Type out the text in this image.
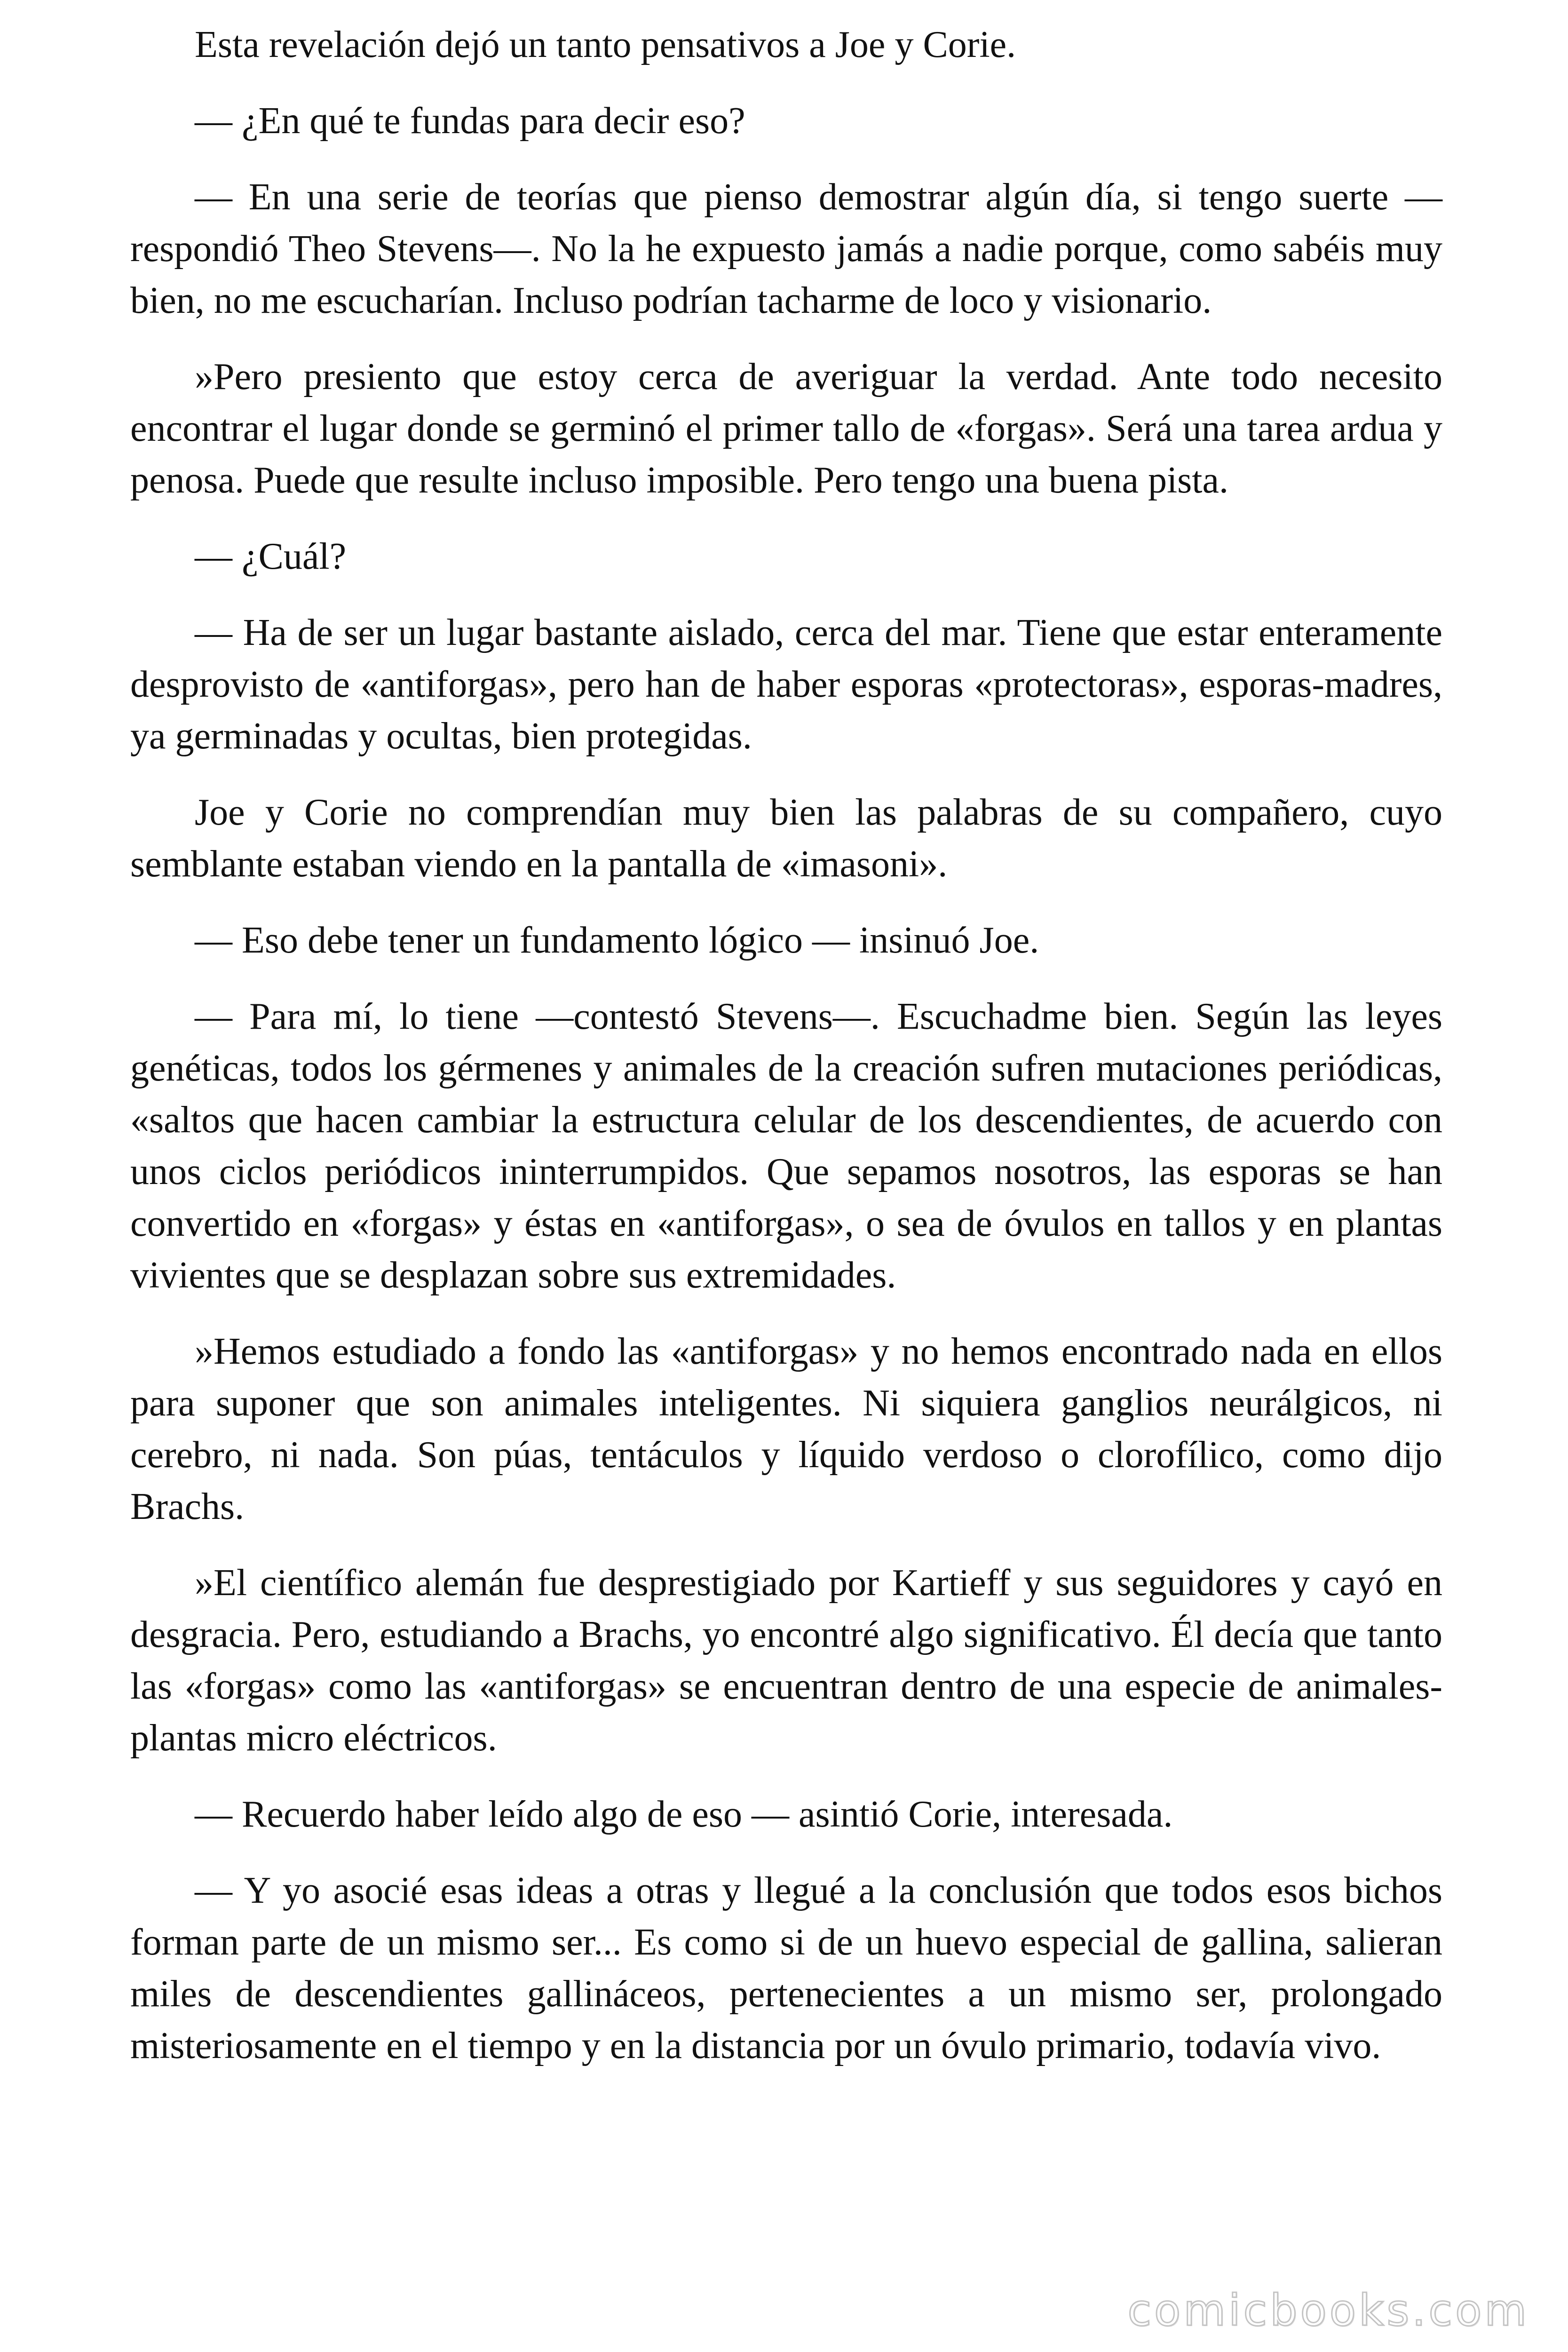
Esta revelación dejó un tanto pensativos a Joe y Corie.

— ¿En qué te fundas para decir eso?

— En una serie de teorías que pienso demostrar algún día, si tengo suerte —respondió Theo Stevens—. No la he expuesto jamás a nadie porque, como sabéis muy bien, no me escucharían. Incluso podrían tacharme de loco y visionario.

»Pero presiento que estoy cerca de averiguar la verdad. Ante todo necesito encontrar el lugar donde se germinó el primer tallo de «forgas». Será una tarea ardua y penosa. Puede que resulte incluso imposible. Pero tengo una buena pista.

— ¿Cuál?

— Ha de ser un lugar bastante aislado, cerca del mar. Tiene que estar enteramente desprovisto de «antiforgas», pero han de haber esporas «protectoras», esporas-madres, ya germinadas y ocultas, bien protegidas.

Joe y Corie no comprendían muy bien las palabras de su compañero, cuyo semblante estaban viendo en la pantalla de «imasoni».

— Eso debe tener un fundamento lógico — insinuó Joe.

— Para mí, lo tiene —contestó Stevens—. Escuchadme bien. Según las leyes genéticas, todos los gérmenes y animales de la creación sufren mutaciones periódicas, «saltos que hacen cambiar la estructura celular de los descendientes, de acuerdo con unos ciclos periódicos ininterrumpidos. Que sepamos nosotros, las esporas se han convertido en «forgas» y éstas en «antiforgas», o sea de óvulos en tallos y en plantas vivientes que se desplazan sobre sus extremidades.

»Hemos estudiado a fondo las «antiforgas» y no hemos encontrado nada en ellos para suponer que son animales inteligentes. Ni siquiera ganglios neurálgicos, ni cerebro, ni nada. Son púas, tentáculos y líquido verdoso o clorofílico, como dijo Brachs.

»El científico alemán fue desprestigiado por Kartieff y sus seguidores y cayó en desgracia. Pero, estudiando a Brachs, yo encontré algo significativo. Él decía que tanto las «forgas» como las «antiforgas» se encuentran dentro de una especie de animales-plantas micro eléctricos.

— Recuerdo haber leído algo de eso — asintió Corie, interesada.

— Y yo asocié esas ideas a otras y llegué a la conclusión que todos esos bichos forman parte de un mismo ser... Es como si de un huevo especial de gallina, salieran miles de descendientes gallináceos, pertenecientes a un mismo ser, prolongado misteriosamente en el tiempo y en la distancia por un óvulo primario, todavía vivo.

comicbooks.com
